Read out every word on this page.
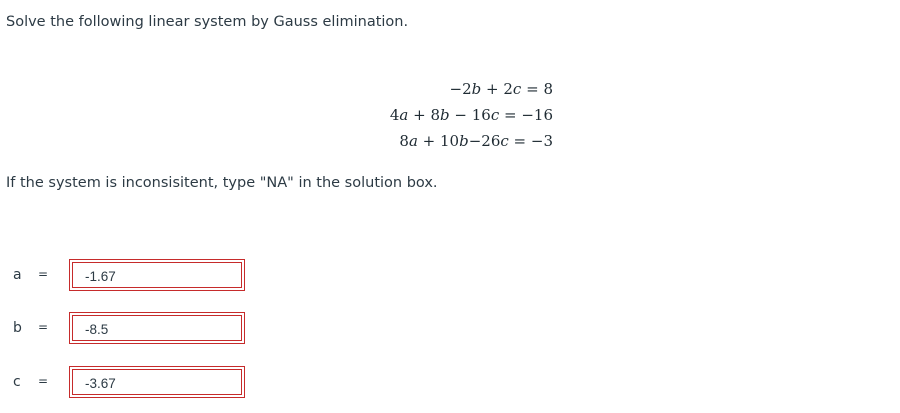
Solve the following linear system by Gauss elimination.
−2b + 2c = 8
4a + 8b − 16c = −16
8a + 10b−26c = −3
If the system is inconsisitent, type "NA" in the solution box.
a =	-1.67
b =	-8.5
c =	-3.67
